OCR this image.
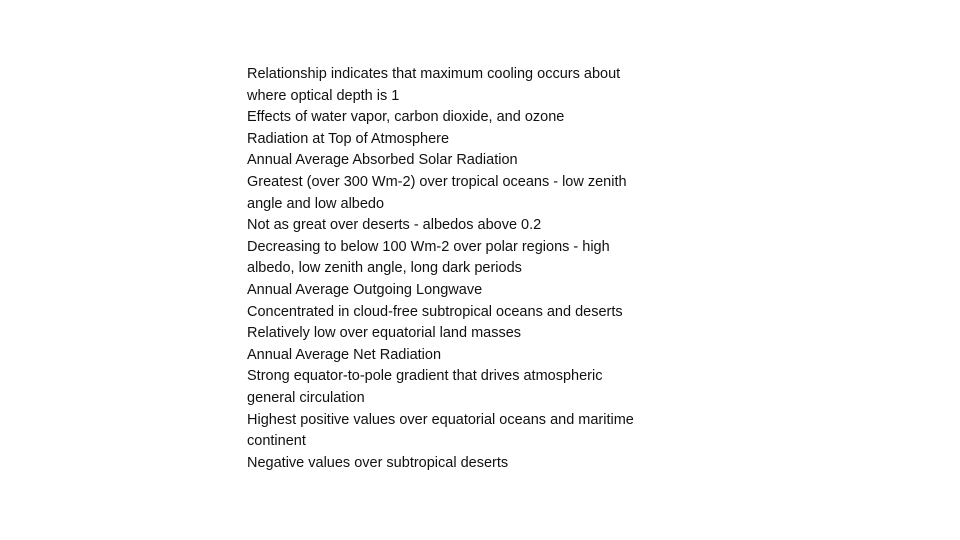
Relationship indicates that maximum cooling occurs about
where optical depth is 1
Effects of water vapor, carbon dioxide, and ozone
Radiation at Top of Atmosphere
Annual Average Absorbed Solar Radiation
Greatest (over 300 Wm-2) over tropical oceans - low zenith
angle and low albedo
Not as great over deserts - albedos above 0.2
Decreasing to below 100 Wm-2 over polar regions - high
albedo, low zenith angle, long dark periods
Annual Average Outgoing Longwave
Concentrated in cloud-free subtropical oceans and deserts
Relatively low over equatorial land masses
Annual Average Net Radiation
Strong equator-to-pole gradient that drives atmospheric
general circulation
Highest positive values over equatorial oceans and maritime
continent
Negative values over subtropical deserts
